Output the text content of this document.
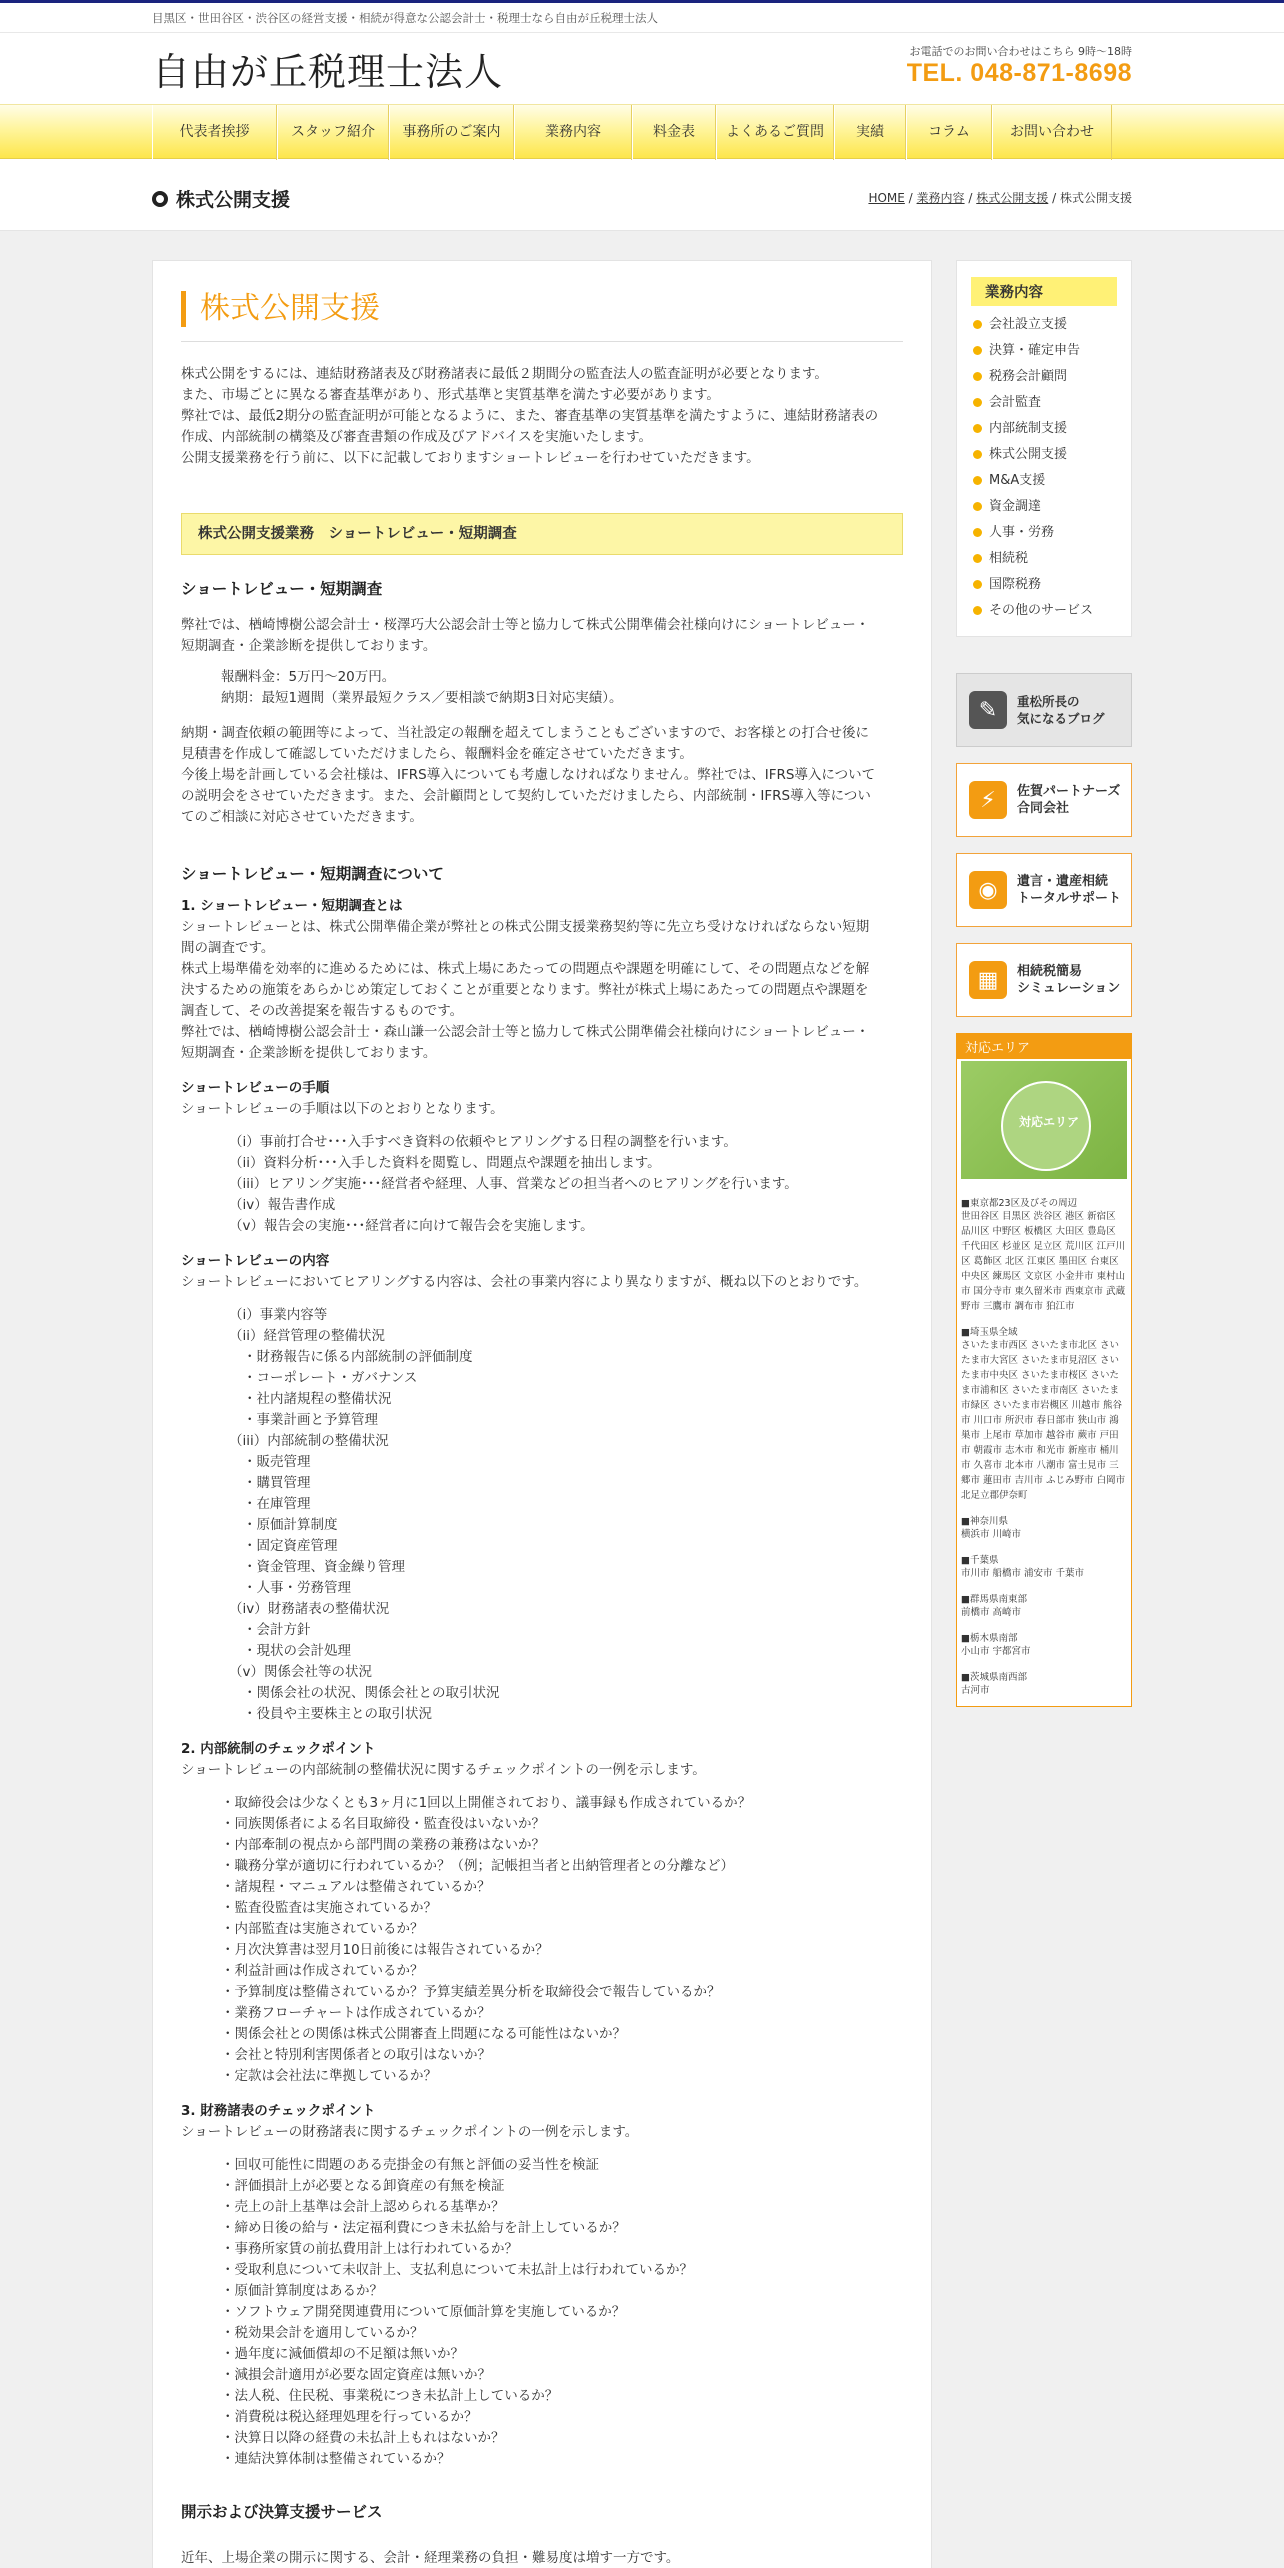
目黒区・世田谷区・渋谷区の経営支援・相続が得意な公認会計士・税理士なら自由が丘税理士法人
自由が丘税理士法人	お電話でのお問い合わせはこちら 9時～18時
TEL. 048-871-8698
代表者挨拶	スタッフ紹介	事務所のご案内	業務内容	料金表	よくあるご質問	実績	コラム	お問い合わせ
株式公開支援	HOME / 業務内容 / 株式公開支援 / 株式公開支援
株式公開支援
株式公開をするには、連結財務諸表及び財務諸表に最低２期間分の監査法人の監査証明が必要となります。
また、市場ごとに異なる審査基準があり、形式基準と実質基準を満たす必要があります。
弊社では、最低2期分の監査証明が可能となるように、また、審査基準の実質基準を満たすように、連結財務諸表の
作成、内部統制の構築及び審査書類の作成及びアドバイスを実施いたします。
公開支援業務を行う前に、以下に記載しておりますショートレビューを行わせていただきます。
株式公開支援業務　ショートレビュー・短期調査
ショートレビュー・短期調査
弊社では、楢崎博樹公認会計士・桜澤巧大公認会計士等と協力して株式公開準備会社様向けにショートレビュー・
短期調査・企業診断を提供しております。
報酬料金：5万円～20万円。
納期：最短1週間（業界最短クラス／要相談で納期3日対応実績）。
納期・調査依頼の範囲等によって、当社設定の報酬を超えてしまうこともございますので、お客様との打合せ後に
見積書を作成して確認していただけましたら、報酬料金を確定させていただきます。
今後上場を計画している会社様は、IFRS導入についても考慮しなければなりません。弊社では、IFRS導入について
の説明会をさせていただきます。また、会計顧問として契約していただけましたら、内部統制・IFRS導入等につい
てのご相談に対応させていただきます。
ショートレビュー・短期調査について
1. ショートレビュー・短期調査とは
ショートレビューとは、株式公開準備企業が弊社との株式公開支援業務契約等に先立ち受けなければならない短期
間の調査です。
株式上場準備を効率的に進めるためには、株式上場にあたっての問題点や課題を明確にして、その問題点などを解
決するための施策をあらかじめ策定しておくことが重要となります。弊社が株式上場にあたっての問題点や課題を
調査して、その改善提案を報告するものです。
弊社では、楢崎博樹公認会計士・森山謙一公認会計士等と協力して株式公開準備会社様向けにショートレビュー・
短期調査・企業診断を提供しております。
ショートレビューの手順
ショートレビューの手順は以下のとおりとなります。
（i）事前打合せ･･･入手すべき資料の依頼やヒアリングする日程の調整を行います。
（ii）資料分析･･･入手した資料を閲覧し、問題点や課題を抽出します。
（iii）ヒアリング実施･･･経営者や経理、人事、営業などの担当者へのヒアリングを行います。
（iv）報告書作成
（v）報告会の実施･･･経営者に向けて報告会を実施します。
ショートレビューの内容
ショートレビューにおいてヒアリングする内容は、会社の事業内容により異なりますが、概ね以下のとおりです。
（i）事業内容等
（ii）経営管理の整備状況
・財務報告に係る内部統制の評価制度
・コーポレート・ガバナンス
・社内諸規程の整備状況
・事業計画と予算管理
（iii）内部統制の整備状況
・販売管理
・購買管理
・在庫管理
・原価計算制度
・固定資産管理
・資金管理、資金繰り管理
・人事・労務管理
（iv）財務諸表の整備状況
・会計方針
・現状の会計処理
（v）関係会社等の状況
・関係会社の状況、関係会社との取引状況
・役員や主要株主との取引状況
2. 内部統制のチェックポイント
ショートレビューの内部統制の整備状況に関するチェックポイントの一例を示します。
・取締役会は少なくとも3ヶ月に1回以上開催されており、議事録も作成されているか？
・同族関係者による名目取締役・監査役はいないか？
・内部牽制の視点から部門間の業務の兼務はないか？
・職務分掌が適切に行われているか？（例；記帳担当者と出納管理者との分離など）
・諸規程・マニュアルは整備されているか？
・監査役監査は実施されているか？
・内部監査は実施されているか？
・月次決算書は翌月10日前後には報告されているか？
・利益計画は作成されているか？
・予算制度は整備されているか？予算実績差異分析を取締役会で報告しているか？
・業務フローチャートは作成されているか？
・関係会社との関係は株式公開審査上問題になる可能性はないか？
・会社と特別利害関係者との取引はないか？
・定款は会社法に準拠しているか？
3. 財務諸表のチェックポイント
ショートレビューの財務諸表に関するチェックポイントの一例を示します。
・回収可能性に問題のある売掛金の有無と評価の妥当性を検証
・評価損計上が必要となる卸資産の有無を検証
・売上の計上基準は会計上認められる基準か？
・締め日後の給与・法定福利費につき未払給与を計上しているか？
・事務所家賃の前払費用計上は行われているか？
・受取利息について未収計上、支払利息について未払計上は行われているか？
・原価計算制度はあるか？
・ソフトウェア開発関連費用について原価計算を実施しているか？
・税効果会計を適用しているか？
・過年度に減価償却の不足額は無いか？
・減損会計適用が必要な固定資産は無いか？
・法人税、住民税、事業税につき未払計上しているか？
・消費税は税込経理処理を行っているか？
・決算日以降の経費の未払計上もれはないか？
・連結決算体制は整備されているか？
開示および決算支援サービス
近年、上場企業の開示に関する、会計・経理業務の負担・難易度は増す一方です。
業務内容
会社設立支援
決算・確定申告
税務会計顧問
会計監査
内部統制支援
株式公開支援
M&A支援
資金調達
人事・労務
相続税
国際税務
その他のサービス
✎	重松所長の
気になるブログ
⚡	佐賀パートナーズ
合同会社
◉	遺言・遺産相続
トータルサポート
▦	相続税簡易
シミュレーション
対応エリア
対応エリア
■東京都23区及びその周辺
世田谷区 目黒区 渋谷区 港区 新宿区 品川区 中野区 板橋区 大田区 豊島区 千代田区 杉並区 足立区 荒川区 江戸川区 葛飾区 北区 江東区 墨田区 台東区 中央区 練馬区 文京区 小金井市 東村山市 国分寺市 東久留米市 西東京市 武蔵野市 三鷹市 調布市 狛江市
■埼玉県全域
さいたま市西区 さいたま市北区 さいたま市大宮区 さいたま市見沼区 さいたま市中央区 さいたま市桜区 さいたま市浦和区 さいたま市南区 さいたま市緑区 さいたま市岩槻区 川越市 熊谷市 川口市 所沢市 春日部市 狭山市 鴻巣市 上尾市 草加市 越谷市 蕨市 戸田市 朝霞市 志木市 和光市 新座市 桶川市 久喜市 北本市 八潮市 富士見市 三郷市 蓮田市 吉川市 ふじみ野市 白岡市 北足立郡伊奈町
■神奈川県
横浜市 川崎市
■千葉県
市川市 船橋市 浦安市 千葉市
■群馬県南東部
前橋市 高崎市
■栃木県南部
小山市 宇都宮市
■茨城県南西部
古河市
